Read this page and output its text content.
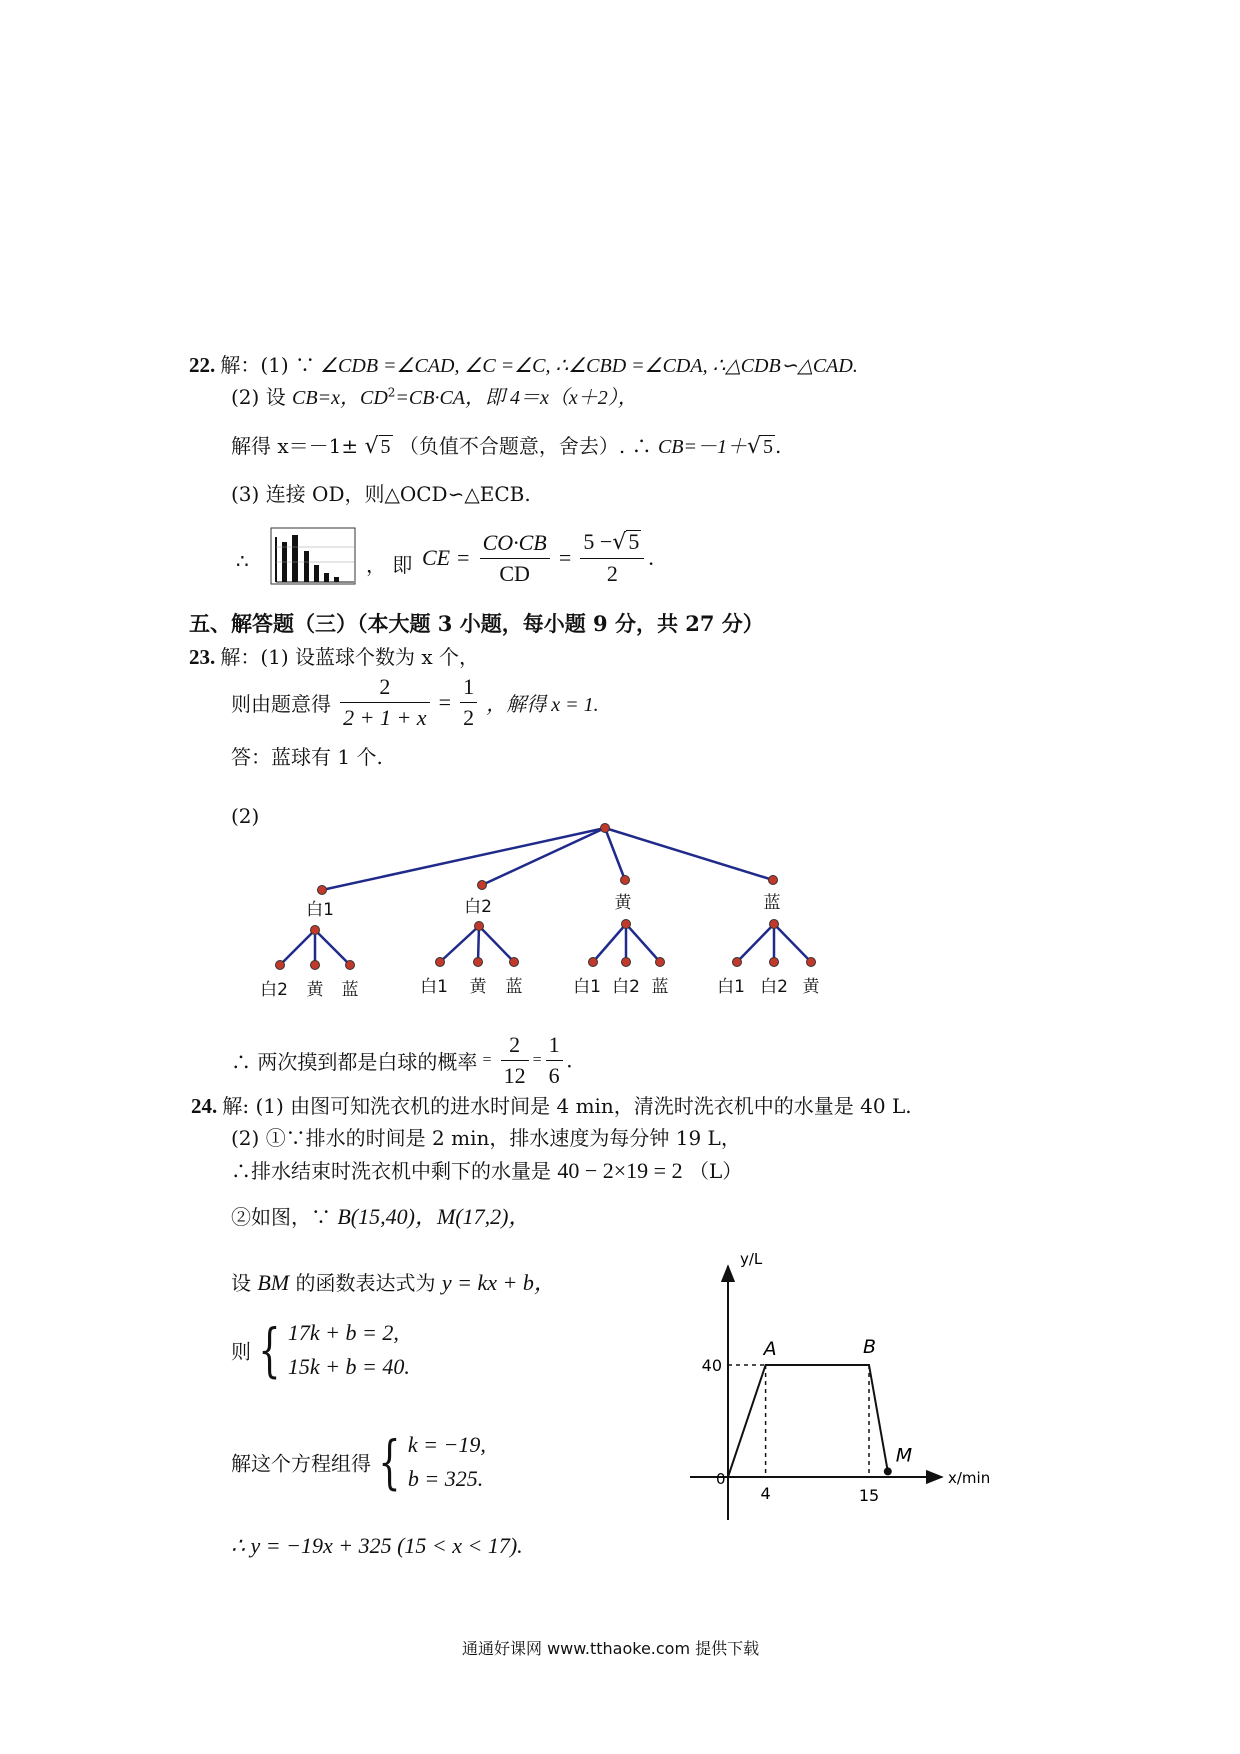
22. 解：(1) ∵ ∠CDB =∠CAD, ∠C =∠C, ∴∠CBD =∠CDA, ∴△CDB∽△CAD.
(2) 设 CB=x，$CD^2=CB\cdot CA$，即 4＝x（x＋2），
解得 x＝－1± √ 5 （负值不合题意，舍去）. ∴ CB=－1＋√ 5 .
(3) 连接 OD，则△OCD∽△ECB.
∴	， 即 CE = $\frac{CO\cdot CB}{CD} = \frac{5 -√5}{2}$ .
五、解答题（三）（本大题 3 小题，每小题 9 分，共 27 分）
23. 解：(1) 设蓝球个数为 x 个，
则由题意得 $\frac{2}{2 + 1 + x} = \frac{1}{2}$ ，解得 x = 1.
答：蓝球有 1 个.
(2)
白1
白2 黄 蓝
白2
白1 黄 蓝
黄
白1 白2 蓝
蓝
白1 白2 黄
∴ 两次摸到都是白球的概率 = $\frac{2}{12} = \frac{1}{6}$ .
24. 解: (1) 由图可知洗衣机的进水时间是 4 min，清洗时洗衣机中的水量是 40 L.
(2) ①∵排水的时间是 2 min，排水速度为每分钟 19 L，
∴排水结束时洗衣机中剩下的水量是 40 − 2×19 = 2 （L）
②如图，∵ B(15,40)，M(17,2)，
设 BM 的函数表达式为 y = kx + b，
则 { 17k + b = 2,
15k + b = 40.
解这个方程组得 { k = −19,
b = 325.
∴ y = −19x + 325 (15 < x < 17).
y/L
x/min
0
40
4	15
A	B
M
通通好课网 www.tthaoke.com 提供下载
